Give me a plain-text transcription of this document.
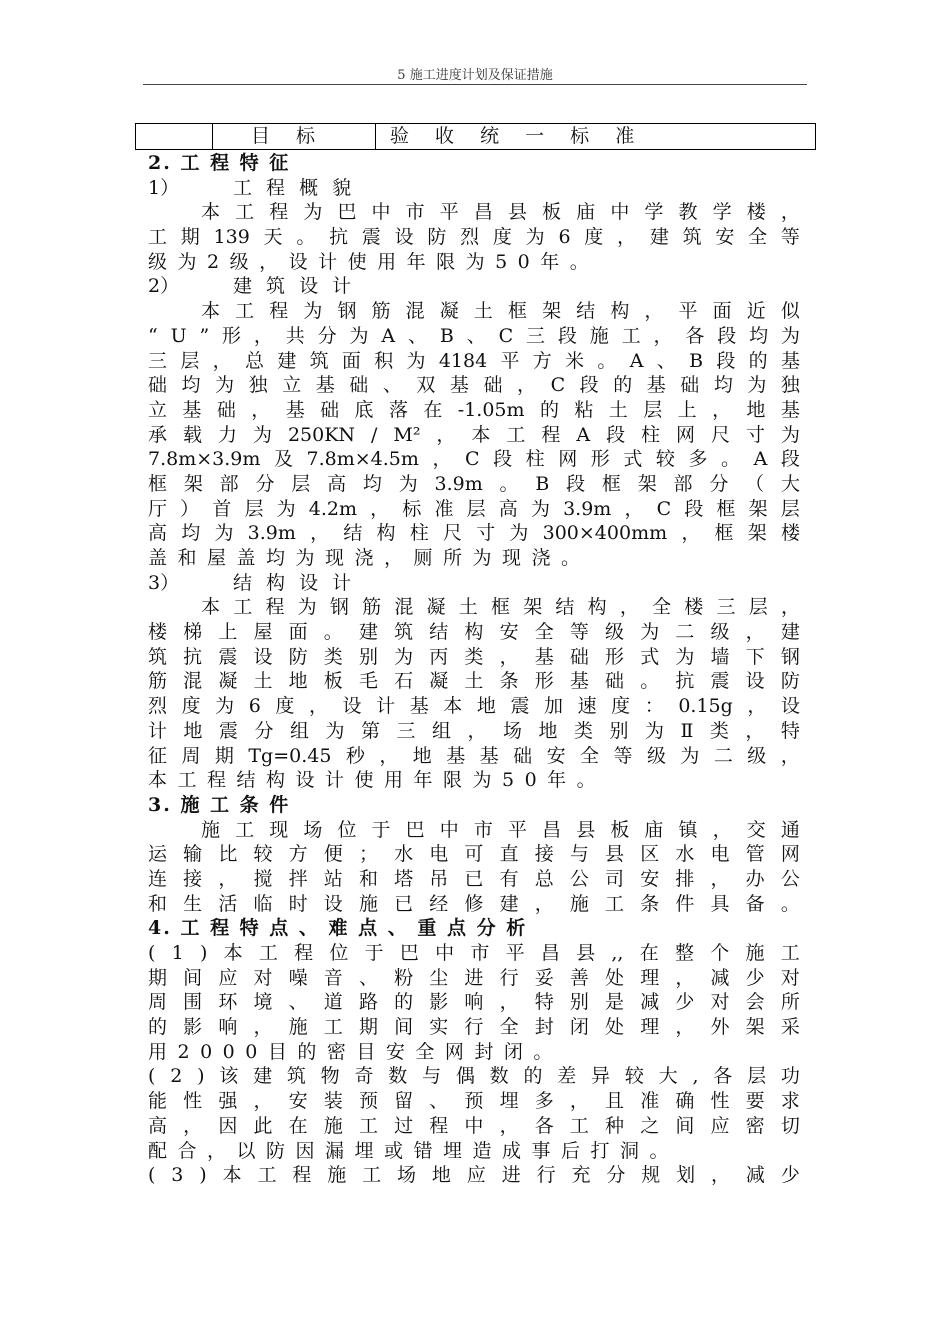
5 施工进度计划及保证措施
	目 标	验 收 统 一 标 准
2. 工 程 特 征
1）	工 程 概 貌
本 工 程 为 巴 中 市 平 昌 县 板 庙 中 学 教 学 楼 ，
工 期 139 天 。 抗 震 设 防 烈 度 为 6 度 ， 建 筑 安 全 等
级为2级，设计使用年限为50年。
2）	建 筑 设 计
本 工 程 为 钢 筋 混 凝 土 框 架 结 构 ， 平 面 近 似
“ U ” 形 ， 共 分 为 A 、 B 、 C 三 段 施 工 ， 各 段 均 为
三 层 ， 总 建 筑 面 积 为 4184 平 方 米 。 A 、 B 段 的 基
础 均 为 独 立 基 础 、 双 基 础 ， C 段 的 基 础 均 为 独
立 基 础 ， 基 础 底 落 在 -1.05m 的 粘 土 层 上 ， 地 基
承 载 力 为 250KN / M² ， 本 工 程 A 段 柱 网 尺 寸 为
7.8m×3.9m 及 7.8m×4.5m ， C 段 柱 网 形 式 较 多 。 A 段
框 架 部 分 层 高 均 为 3.9m 。 B 段 框 架 部 分 （ 大
厅 ） 首 层 为 4.2m ， 标 准 层 高 为 3.9m ， C 段 框 架 层
高 均 为 3.9m ， 结 构 柱 尺 寸 为 300×400mm ， 框 架 楼
盖和屋盖均为现浇，厕所为现浇。
3）	结 构 设 计
本 工 程 为 钢 筋 混 凝 土 框 架 结 构 ， 全 楼 三 层 ，
楼 梯 上 屋 面 。 建 筑 结 构 安 全 等 级 为 二 级 ， 建
筑 抗 震 设 防 类 别 为 丙 类 ， 基 础 形 式 为 墙 下 钢
筋 混 凝 土 地 板 毛 石 凝 土 条 形 基 础 。 抗 震 设 防
烈 度 为 6 度 ， 设 计 基 本 地 震 加 速 度 ： 0.15g ， 设
计 地 震 分 组 为 第 三 组 ， 场 地 类 别 为 Ⅱ 类 ， 特
征 周 期 Tg=0.45 秒 ， 地 基 基 础 安 全 等 级 为 二 级 ，
本工程结构设计使用年限为50年。
3. 施 工 条 件
施 工 现 场 位 于 巴 中 市 平 昌 县 板 庙 镇 ， 交 通
运 输 比 较 方 便 ； 水 电 可 直 接 与 县 区 水 电 管 网
连 接 ， 搅 拌 站 和 塔 吊 已 有 总 公 司 安 排 ， 办 公
和 生 活 临 时 设 施 已 经 修 建 ， 施 工 条 件 具 备 。
4. 工 程 特 点 、 难 点 、 重 点 分 析
( 1 ) 本 工 程 位 于 巴 中 市 平 昌 县 ,, 在 整 个 施 工
期 间 应 对 噪 音 、 粉 尘 进 行 妥 善 处 理 ， 减 少 对
周 围 环 境 、 道 路 的 影 响 ， 特 别 是 减 少 对 会 所
的 影 响 ， 施 工 期 间 实 行 全 封 闭 处 理 ， 外 架 采
用2000目的密目安全网封闭。
( 2 ) 该 建 筑 物 奇 数 与 偶 数 的 差 异 较 大 , 各 层 功
能 性 强 ， 安 装 预 留 、 预 埋 多 ， 且 准 确 性 要 求
高 ， 因 此 在 施 工 过 程 中 ， 各 工 种 之 间 应 密 切
配合，以防因漏埋或错埋造成事后打洞。
( 3 ) 本 工 程 施 工 场 地 应 进 行 充 分 规 划 ， 减 少
